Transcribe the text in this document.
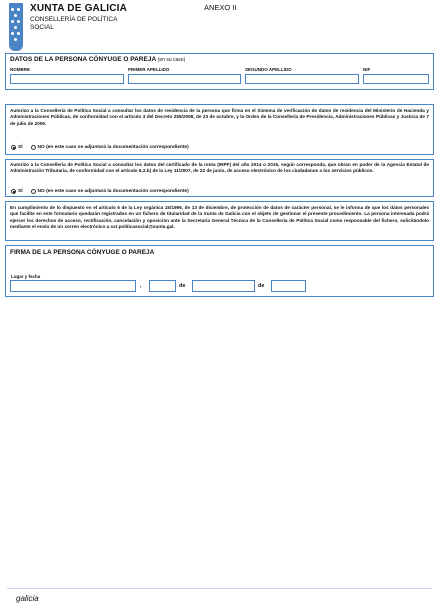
XUNTA DE GALICIA
CONSELLERÍA DE POLÍTICA
SOCIAL
ANEXO II
DATOS DE LA PERSONA CÓNYUGE O PAREJA (en su caso)
NOMBRE	PRIMER APELLIDO	SEGUNDO APELLIDO	NIF
Autorizo a la Consellería de Política Social a consultar los datos de residencia de la persona que firma en el Sistema de verificación de datos de residencia del Ministerio de Hacienda y Administraciones Públicas, de conformidad con el artículo 3 del Decreto 255/2008, de 23 de octubre, y la Orden de la Consellería de Presidencia, Administraciones Públicas y Justicia de 7 de julio de 2009.
SÍ	NO (en este caso se adjuntará la documentación correspondiente)
Autorizo a la Consellería de Política Social a consultar los datos del certificado de la renta (IRPF) del año 2014 o 2015, según corresponda, que obran en poder de la Agencia Estatal de Administración Tributaria, de conformidad con el artículo 6.2.b) de la Ley 11/2007, de 22 de junio, de acceso electrónico de los ciudadanos a los servicios públicos.
SÍ	NO (en este caso se adjuntará la documentación correspondiente)
En cumplimiento de lo dispuesto en el artículo 5 de la Ley orgánica 15/1999, de 13 de diciembre, de protección de datos de carácter personal, se le informa de que los datos personales que facilite en este formulario quedarán registrados en un fichero de titularidad de la Xunta de Galicia con el objeto de gestionar el presente procedimiento. La persona interesada podrá ejercer los derechos de acceso, rectificación, cancelación y oposición ante la Secretaría General Técnica de la Consellería de Política Social como responsable del fichero, solicitándolo mediante el envío de un correo electrónico a sxt.politicasocial@xunta.gal.
FIRMA DE LA PERSONA CÓNYUGE O PAREJA
Lugar y fecha
,	de	de
galicia
